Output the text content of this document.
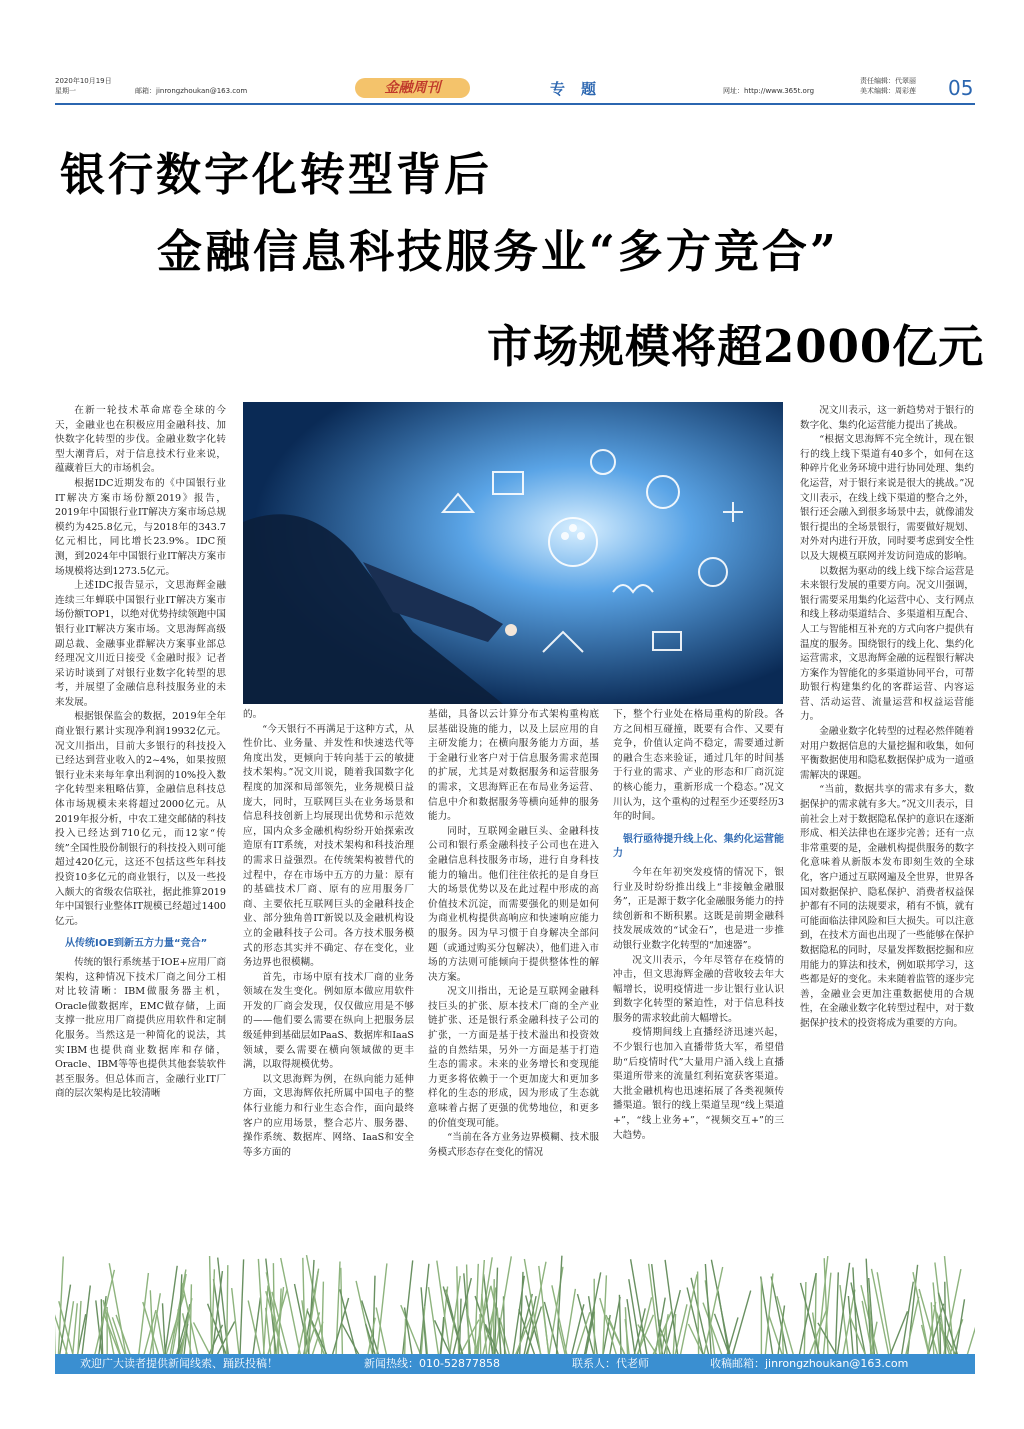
2020年10月19日
星期一	邮箱：jinrongzhoukan@163.com	金融周刊	专题	网址：http://www.365t.org
责任编辑：代翠丽
美术编辑：周彩莲 05
银行数字化转型背后
金融信息科技服务业“多方竞合”
市场规模将超2000亿元

在新一轮技术革命席卷全球的今天，金融业也在积极应用金融科技、加快数字化转型的步伐。金融业数字化转型大潮背后，对于信息技术行业来说，蕴藏着巨大的市场机会。

根据IDC近期发布的《中国银行业IT解决方案市场份额2019》报告，2019年中国银行业IT解决方案市场总规模约为425.8亿元，与2018年的343.7亿元相比，同比增长23.9%。IDC预测，到2024年中国银行业IT解决方案市场规模将达到1273.5亿元。

上述IDC报告显示，文思海辉金融连续三年蝉联中国银行业IT解决方案市场份额TOP1，以绝对优势持续领跑中国银行业IT解决方案市场。文思海辉高级副总裁、金融事业群解决方案事业部总经理况文川近日接受《金融时报》记者采访时谈到了对银行业数字化转型的思考，并展望了金融信息科技服务业的未来发展。

根据银保监会的数据，2019年全年商业银行累计实现净利润19932亿元。况文川指出，目前大多银行的科技投入已经达到营业收入的2~4%，如果按照银行业未来每年拿出利润的10%投入数字化转型来粗略估算，金融信息科技总体市场规模未来将超过2000亿元。从2019年报分析，中农工建交邮储的科技投入已经达到710亿元，而12家“传统”全国性股份制银行的科技投入则可能超过420亿元，这还不包括这些年科技投资10多亿元的商业银行，以及一些投入颇大的省级农信联社，据此推算2019年中国银行业整体IT规模已经超过1400亿元。

从传统IOE到新五方力量“竞合”

传统的银行系统基于IOE+应用厂商架构，这种情况下技术厂商之间分工相对比较清晰：IBM做服务器主机，Oracle做数据库，EMC做存储，上面支撑一批应用厂商提供应用软件和定制化服务。当然这是一种简化的说法，其实IBM也提供商业数据库和存储，Oracle、IBM等等也提供其他套装软件甚至服务。但总体而言，金融行业IT厂商的层次架构是比较清晰

的。

“今天银行不再满足于这种方式，从性价比、业务量、并发性和快速迭代等角度出发，更倾向于转向基于云的敏捷技术架构。”况文川说，随着我国数字化程度的加深和局部领先，业务规模日益庞大，同时，互联网巨头在业务场景和信息科技创新上均展现出优势和示范效应，国内众多金融机构纷纷开始探索改造原有IT系统，对技术架构和科技治理的需求日益强烈。在传统架构被替代的过程中，存在市场中五方的力量：原有的基础技术厂商、原有的应用服务厂商、主要依托互联网巨头的金融科技企业、部分独角兽IT新锐以及金融机构设立的金融科技子公司。各方技术服务模式的形态其实并不确定、存在变化，业务边界也很模糊。

首先，市场中原有技术厂商的业务领域在发生变化。例如原本做应用软件开发的厂商会发现，仅仅做应用是不够的——他们要么需要在纵向上把服务层级延伸到基础层如PaaS、数据库和IaaS领域，要么需要在横向领域做的更丰满，以取得规模优势。

以文思海辉为例，在纵向能力延伸方面，文思海辉依托所属中国电子的整体行业能力和行业生态合作，面向最终客户的应用场景，整合芯片、服务器、操作系统、数据库、网络、IaaS和安全等多方面的

基础，具备以云计算分布式架构重构底层基础设施的能力，以及上层应用的自主研发能力；在横向服务能力方面，基于金融行业客户对于信息服务需求范围的扩展，尤其是对数据服务和运营服务的需求，文思海辉正在布局业务运营、信息中介和数据服务等横向延伸的服务能力。

同时，互联网金融巨头、金融科技公司和银行系金融科技子公司也在进入金融信息科技服务市场，进行自身科技能力的输出。他们往往依托的是自身巨大的场景优势以及在此过程中形成的高价值技术沉淀，而需要强化的则是如何为商业机构提供高响应和快速响应能力的服务。因为早习惯于自身解决全部问题（或通过购买分包解决），他们进入市场的方法则可能倾向于提供整体性的解决方案。

况文川指出，无论是互联网金融科技巨头的扩张、原本技术厂商的全产业链扩张、还是银行系金融科技子公司的扩张，一方面是基于技术溢出和投资效益的自然结果，另外一方面是基于打造生态的需求。未来的业务增长和变现能力更多将依赖于一个更加庞大和更加多样化的生态的形成，因为形成了生态就意味着占据了更强的优势地位，和更多的价值变现可能。

“当前在各方业务边界模糊、技术服务模式形态存在变化的情况

下，整个行业处在格局重构的阶段。各方之间相互碰撞，既要有合作、又要有竞争，价值认定尚不稳定，需要通过新的融合生态来验证，通过几年的时间基于行业的需求、产业的形态和厂商沉淀的核心能力，重新形成一个稳态。”况文川认为，这个重构的过程至少还要经历3年的时间。

银行亟待提升线上化、集约化运营能力

今年在年初突发疫情的情况下，银行业及时纷纷推出线上“非接触金融服务”，正是源于数字化金融服务能力的持续创新和不断积累。这既是前期金融科技发展成效的“试金石”，也是进一步推动银行业数字化转型的“加速器”。

况文川表示，今年尽管存在疫情的冲击，但文思海辉金融的营收较去年大幅增长，说明疫情进一步让银行业认识到数字化转型的紧迫性，对于信息科技服务的需求较此前大幅增长。

疫情期间线上直播经济迅速兴起，不少银行也加入直播带货大军，希望借助“后疫情时代”大量用户涌入线上直播渠道所带来的流量红利拓宽获客渠道。大批金融机构也迅速拓展了各类视频传播渠道。银行的线上渠道呈现“线上渠道+”，“线上业务+”，“视频交互+”的三大趋势。

况文川表示，这一新趋势对于银行的数字化、集约化运营能力提出了挑战。

“根据文思海辉不完全统计，现在银行的线上线下渠道有40多个，如何在这种碎片化业务环境中进行协同处理、集约化运营，对于银行来说是很大的挑战。”况文川表示，在线上线下渠道的整合之外，银行还会融入到很多场景中去，就像浦发银行提出的全场景银行，需要做好规划、对外对内进行开放，同时要考虑到安全性以及大规模互联网并发访问造成的影响。

以数据为驱动的线上线下综合运营是未来银行发展的重要方向。况文川强调，银行需要采用集约化运营中心、支行网点和线上移动渠道结合、多渠道相互配合、人工与智能相互补充的方式向客户提供有温度的服务。围绕银行的线上化、集约化运营需求，文思海辉金融的远程银行解决方案作为智能化的多渠道协同平台，可帮助银行构建集约化的客群运营、内容运营、活动运营、流量运营和权益运营能力。

金融业数字化转型的过程必然伴随着对用户数据信息的大量挖掘和收集，如何平衡数据使用和隐私数据保护成为一道亟需解决的课题。

“当前，数据共享的需求有多大，数据保护的需求就有多大。”况文川表示，目前社会上对于数据隐私保护的意识在逐渐形成、相关法律也在逐步完善；还有一点非常重要的是，金融机构提供服务的数字化意味着从新版本发布即刻生效的全球化，客户通过互联网遍及全世界，世界各国对数据保护、隐私保护、消费者权益保护都有不同的法规要求，稍有不慎，就有可能面临法律风险和巨大损失。可以注意到，在技术方面也出现了一些能够在保护数据隐私的同时，尽量发挥数据挖掘和应用能力的算法和技术，例如联邦学习，这些都是好的变化。未来随着监管的逐步完善，金融业会更加注重数据使用的合规性，在金融业数字化转型过程中，对于数据保护技术的投资将成为重要的方向。

欢迎广大读者提供新闻线索、踊跃投稿！	新闻热线：010-52877858	联系人：代老师	收稿邮箱：jinrongzhoukan@163.com
